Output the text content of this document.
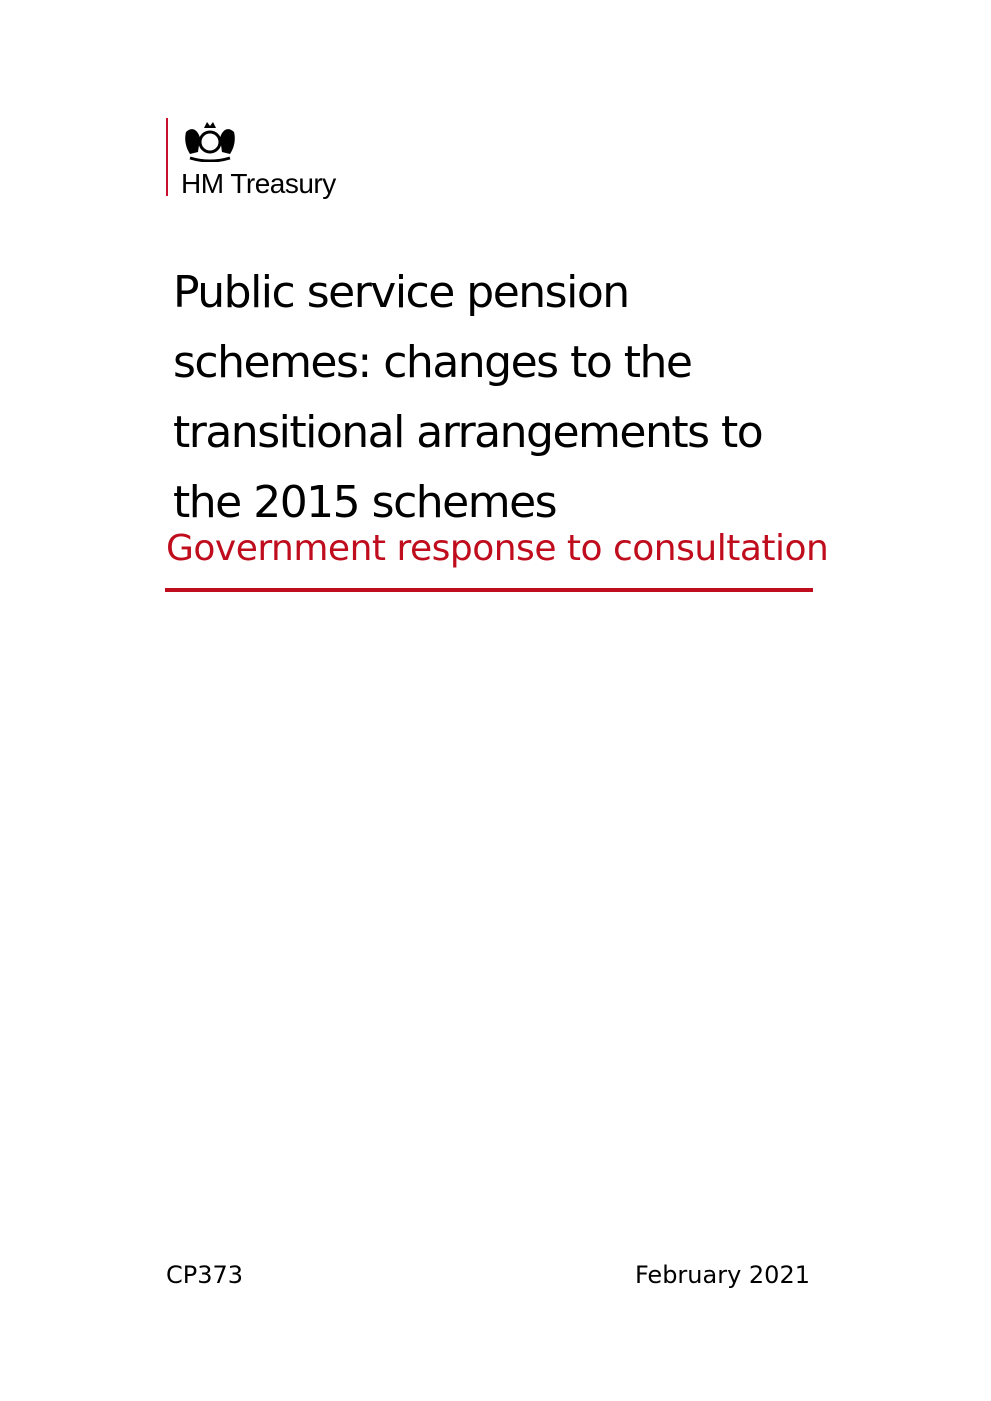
HM Treasury
Public service pension schemes: changes to the transitional arrangements to the 2015 schemes
Government response to consultation
CP373	February 2021
